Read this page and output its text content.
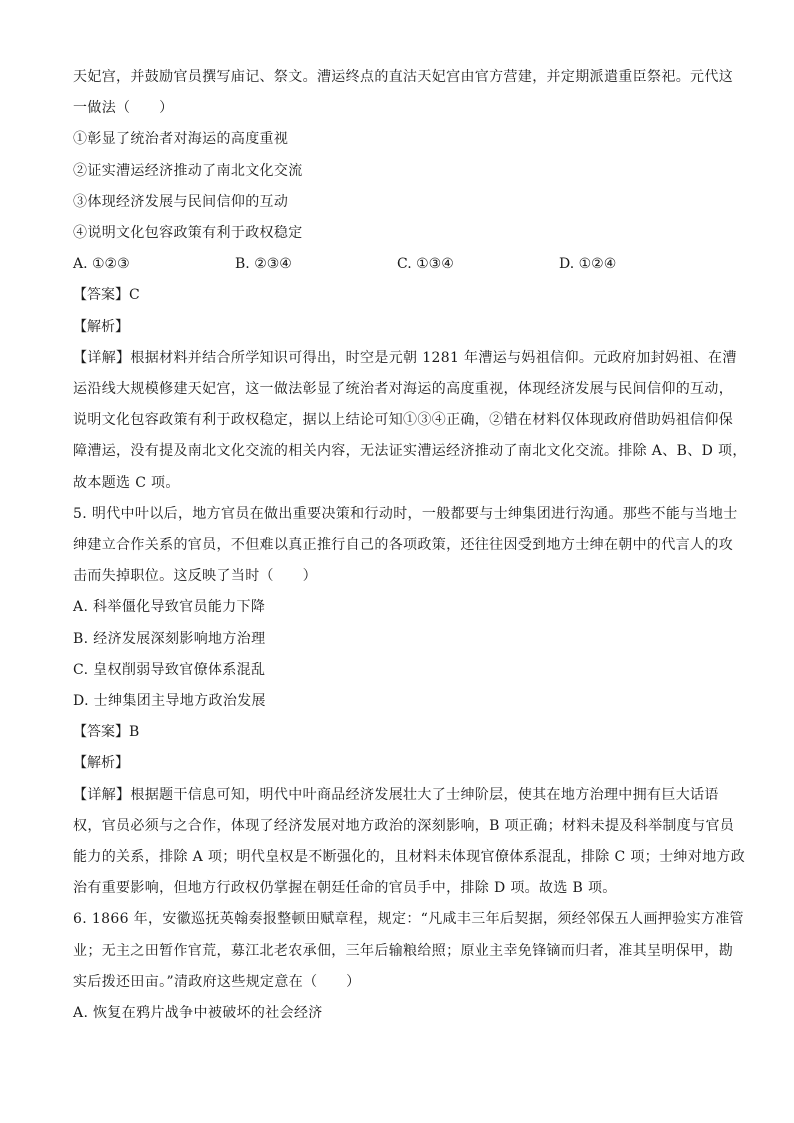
天妃宫，并鼓励官员撰写庙记、祭文。漕运终点的直沽天妃宫由官方营建，并定期派遣重臣祭祀。元代这
一做法（　　）
①彰显了统治者对海运的高度重视
②证实漕运经济推动了南北文化交流
③体现经济发展与民间信仰的互动
④说明文化包容政策有利于政权稳定
A. ①②③	B. ②③④	C. ①③④	D. ①②④
【答案】C
【解析】
【详解】根据材料并结合所学知识可得出，时空是元朝 1281 年漕运与妈祖信仰。元政府加封妈祖、在漕
运沿线大规模修建天妃宫，这一做法彰显了统治者对海运的高度重视，体现经济发展与民间信仰的互动，
说明文化包容政策有利于政权稳定，据以上结论可知①③④正确，②错在材料仅体现政府借助妈祖信仰保
障漕运，没有提及南北文化交流的相关内容，无法证实漕运经济推动了南北文化交流。排除 A、B、D 项，
故本题选 C 项。
5. 明代中叶以后，地方官员在做出重要决策和行动时，一般都要与士绅集团进行沟通。那些不能与当地士
绅建立合作关系的官员，不但难以真正推行自己的各项政策，还往往因受到地方士绅在朝中的代言人的攻
击而失掉职位。这反映了当时（　　）
A. 科举僵化导致官员能力下降
B. 经济发展深刻影响地方治理
C. 皇权削弱导致官僚体系混乱
D. 士绅集团主导地方政治发展
【答案】B
【解析】
【详解】根据题干信息可知，明代中叶商品经济发展壮大了士绅阶层，使其在地方治理中拥有巨大话语
权，官员必须与之合作，体现了经济发展对地方政治的深刻影响，B 项正确；材料未提及科举制度与官员
能力的关系，排除 A 项；明代皇权是不断强化的，且材料未体现官僚体系混乱，排除 C 项；士绅对地方政
治有重要影响，但地方行政权仍掌握在朝廷任命的官员手中，排除 D 项。故选 B 项。
6. 1866 年，安徽巡抚英翰奏报整顿田赋章程，规定：“凡咸丰三年后契据，须经邻保五人画押验实方准管
业；无主之田暂作官荒，募江北老农承佃，三年后输粮给照；原业主幸免锋镝而归者，准其呈明保甲，勘
实后拨还田亩。”清政府这些规定意在（　　）
A. 恢复在鸦片战争中被破坏的社会经济
